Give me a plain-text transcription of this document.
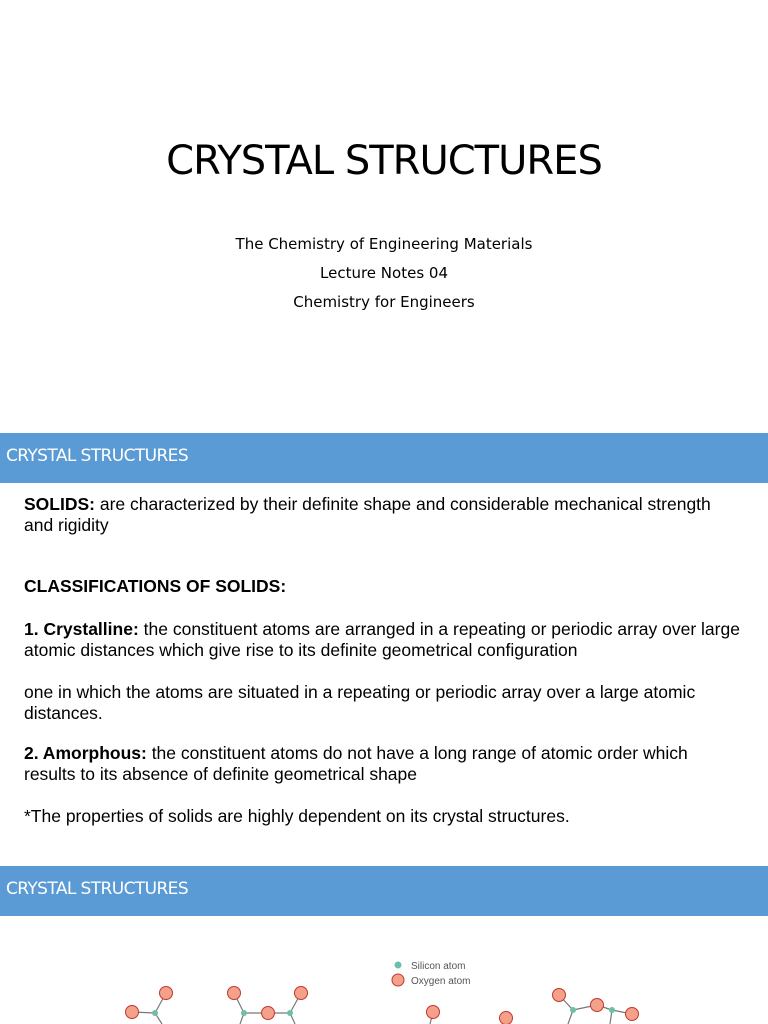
CRYSTAL STRUCTURES
The Chemistry of Engineering Materials
Lecture Notes 04
Chemistry for Engineers
CRYSTAL STRUCTURES
SOLIDS: are characterized by their definite shape and considerable mechanical strength and rigidity
CLASSIFICATIONS OF SOLIDS:
1. Crystalline: the constituent atoms are arranged in a repeating or periodic array over large atomic distances which give rise to its definite geometrical configuration
one in which the atoms are situated in a repeating or periodic array over a large atomic distances.
2. Amorphous: the constituent atoms do not have a long range of atomic order which results to its absence of definite geometrical shape
*The properties of solids are highly dependent on its crystal structures.
CRYSTAL STRUCTURES
Silicon atom
Oxygen atom
